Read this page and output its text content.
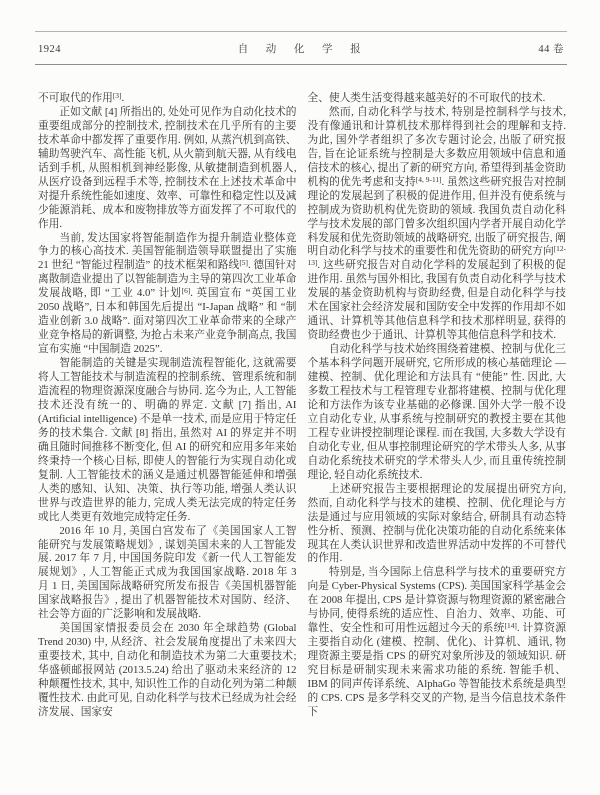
1924	自 动 化 学 报	44 卷

不可取代的作用[3].

正如文献 [4] 所指出的, 处处可见作为自动化技术的重要组成部分的控制技术, 控制技术在几乎所有的主要技术革命中都发挥了重要作用. 例如, 从蒸汽机到高铁、辅助驾驶汽车、高性能飞机, 从火箭到航天器, 从有线电话到手机, 从照相机到神经影像, 从敏捷制造到机器人, 从医疗设备到远程手术等, 控制技术在上述技术革命中对提升系统性能如速度、效率、可靠性和稳定性以及减少能源消耗、成本和废物排放等方面发挥了不可取代的作用.

当前, 发达国家将智能制造作为提升制造业整体竞争力的核心高技术. 美国智能制造领导联盟提出了实施 21 世纪 “智能过程制造” 的技术框架和路线[5]. 德国针对离散制造业提出了以智能制造为主导的第四次工业革命发展战略, 即 “工业 4.0” 计划[6]. 英国宣布 “英国工业 2050 战略”, 日本和韩国先后提出 “I-Japan 战略” 和 “制造业创新 3.0 战略”. 面对第四次工业革命带来的全球产业竞争格局的新调整, 为抢占未来产业竞争制高点, 我国宣布实施 “中国制造 2025”.

智能制造的关键是实现制造流程智能化, 这就需要将人工智能技术与制造流程的控制系统、管理系统和制造流程的物理资源深度融合与协同. 迄今为止, 人工智能技术还没有统一的、明确的界定. 文献 [7] 指出, AI (Artificial intelligence) 不是单一技术, 而是应用于特定任务的技术集合. 文献 [8] 指出, 虽然对 AI 的界定并不明确且随时间推移不断变化, 但 AI 的研究和应用多年来始终秉持一个核心目标, 即使人的智能行为实现自动化或复制. 人工智能技术的涵义是通过机器智能延伸和增强人类的感知、认知、决策、执行等功能, 增强人类认识世界与改造世界的能力, 完成人类无法完成的特定任务或比人类更有效地完成特定任务.

2016 年 10 月, 美国白宫发布了《美国国家人工智能研究与发展策略规划》, 谋划美国未来的人工智能发展. 2017 年 7 月, 中国国务院印发《新一代人工智能发展规划》, 人工智能正式成为我国国家战略. 2018 年 3 月 1 日, 美国国际战略研究所发布报告《美国机器智能国家战略报告》, 提出了机器智能技术对国防、经济、社会等方面的广泛影响和发展战略.

美国国家情报委员会在 2030 年全球趋势 (Global Trend 2030) 中, 从经济、社会发展角度提出了未来四大重要技术, 其中, 自动化和制造技术为第二大重要技术; 华盛顿邮报网站 (2013.5.24) 给出了驱动未来经济的 12 种颠覆性技术, 其中, 知识性工作的自动化列为第二种颠覆性技术. 由此可见, 自动化科学与技术已经成为社会经济发展、国家安

全、使人类生活变得越来越美好的不可取代的技术.

然而, 自动化科学与技术, 特别是控制科学与技术, 没有像通讯和计算机技术那样得到社会的理解和支持. 为此, 国外学者组织了多次专题讨论会, 出版了研究报告, 旨在论证系统与控制是大多数应用领域中信息和通信技术的核心, 提出了新的研究方向, 希望得到基金资助机构的优先考虑和支持[4, 9-11]. 虽然这些研究报告对控制理论的发展起到了积极的促进作用, 但并没有使系统与控制成为资助机构优先资助的领域. 我国负责自动化科学与技术发展的部门曾多次组织国内学者开展自动化学科发展和优先资助领域的战略研究, 出版了研究报告, 阐明自动化科学与技术的重要性和优先资助的研究方向[12-13]. 这些研究报告对自动化学科的发展起到了积极的促进作用. 虽然与国外相比, 我国有负责自动化科学与技术发展的基金资助机构与资助经费, 但是自动化科学与技术在国家社会经济发展和国防安全中发挥的作用却不如通讯、计算机等其他信息科学和技术那样明显, 获得的资助经费也少于通讯、计算机等其他信息科学和技术.

自动化科学与技术始终围绕着建模、控制与优化三个基本科学问题开展研究, 它所形成的核心基础理论 — 建模、控制、优化理论和方法具有 “使能” 性. 因此, 大多数工程技术与工程管理专业都将建模、控制与优化理论和方法作为该专业基础的必修课. 国外大学一般不设立自动化专业, 从事系统与控制研究的教授主要在其他工程专业讲授控制理论课程. 而在我国, 大多数大学设有自动化专业, 但从事控制理论研究的学术带头人多, 从事自动化系统技术研究的学术带头人少, 而且重传统控制理论, 轻自动化系统技术.

上述研究报告主要根据理论的发展提出研究方向, 然而, 自动化科学与技术的建模、控制、优化理论与方法是通过与应用领域的实际对象结合, 研制具有动态特性分析、预测、控制与优化决策功能的自动化系统来体现其在人类认识世界和改造世界活动中发挥的不可替代的作用.

特别是, 当今国际上信息科学与技术的重要研究方向是 Cyber-Physical Systems (CPS). 美国国家科学基金会在 2008 年提出, CPS 是计算资源与物理资源的紧密融合与协同, 使得系统的适应性、自治力、效率、功能、可靠性、安全性和可用性远超过今天的系统[14]. 计算资源主要指自动化 (建模、控制、优化)、计算机、通讯, 物理资源主要是指 CPS 的研究对象所涉及的领域知识. 研究目标是研制实现未来需求功能的系统. 智能手机、IBM 的同声传译系统、AlphaGo 等智能技术系统是典型的 CPS. CPS 是多学科交叉的产物, 是当今信息技术条件下
